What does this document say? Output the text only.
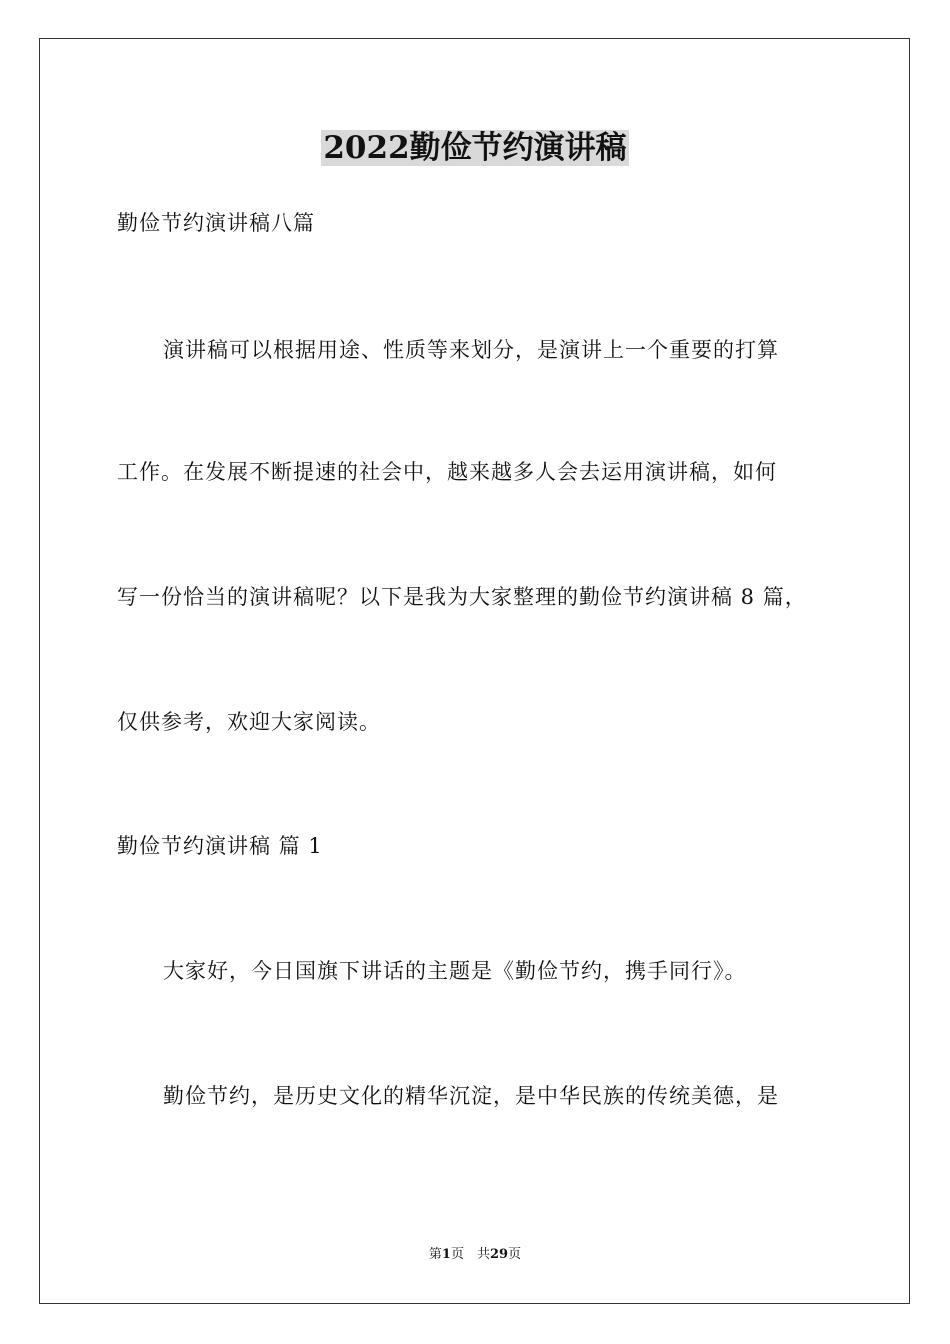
2022勤俭节约演讲稿
勤俭节约演讲稿八篇
演讲稿可以根据用途、性质等来划分，是演讲上一个重要的打算
工作。在发展不断提速的社会中，越来越多人会去运用演讲稿，如何
写一份恰当的演讲稿呢？以下是我为大家整理的勤俭节约演讲稿 8 篇，
仅供参考，欢迎大家阅读。
勤俭节约演讲稿 篇 1
大家好，今日国旗下讲话的主题是《勤俭节约，携手同行》。
勤俭节约，是历史文化的精华沉淀，是中华民族的传统美德，是
第1页　共29页
